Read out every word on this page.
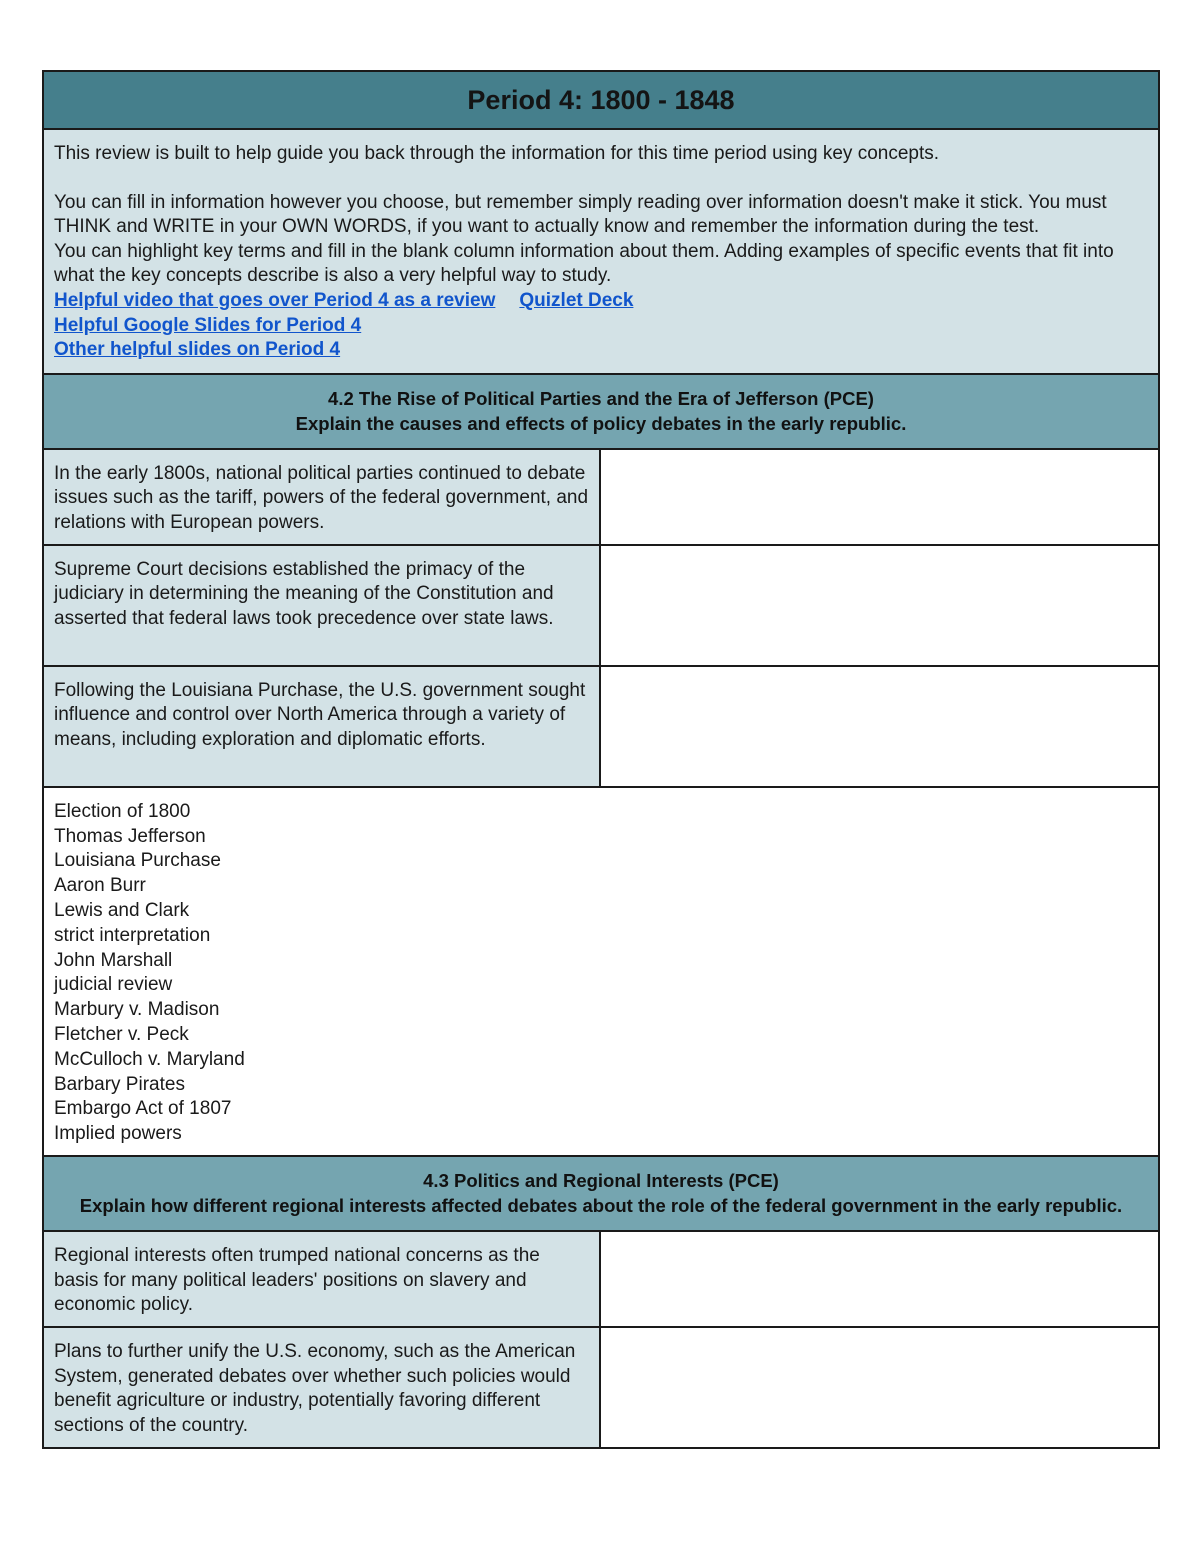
Period 4: 1800 - 1848

This review is built to help guide you back through the information for this time period using key concepts.

You can fill in information however you choose, but remember simply reading over information doesn't make it stick. You must THINK and WRITE in your OWN WORDS, if you want to actually know and remember the information during the test.

You can highlight key terms and fill in the blank column information about them. Adding examples of specific events that fit into what the key concepts describe is also a very helpful way to study.

Helpful video that goes over Period 4 as a review Quizlet Deck

Helpful Google Slides for Period 4

Other helpful slides on Period 4

4.2 The Rise of Political Parties and the Era of Jefferson (PCE)
Explain the causes and effects of policy debates in the early republic.
In the early 1800s, national political parties continued to debate issues such as the tariff, powers of the federal government, and relations with European powers.
Supreme Court decisions established the primacy of the judiciary in determining the meaning of the Constitution and asserted that federal laws took precedence over state laws.
Following the Louisiana Purchase, the U.S. government sought influence and control over North America through a variety of means, including exploration and diplomatic efforts.
Election of 1800
Thomas Jefferson
Louisiana Purchase
Aaron Burr
Lewis and Clark
strict interpretation
John Marshall
judicial review
Marbury v. Madison
Fletcher v. Peck
McCulloch v. Maryland
Barbary Pirates
Embargo Act of 1807
Implied powers
4.3 Politics and Regional Interests (PCE)
Explain how different regional interests affected debates about the role of the federal government in the early republic.
Regional interests often trumped national concerns as the basis for many political leaders' positions on slavery and economic policy.
Plans to further unify the U.S. economy, such as the American System, generated debates over whether such policies would benefit agriculture or industry, potentially favoring different sections of the country.
